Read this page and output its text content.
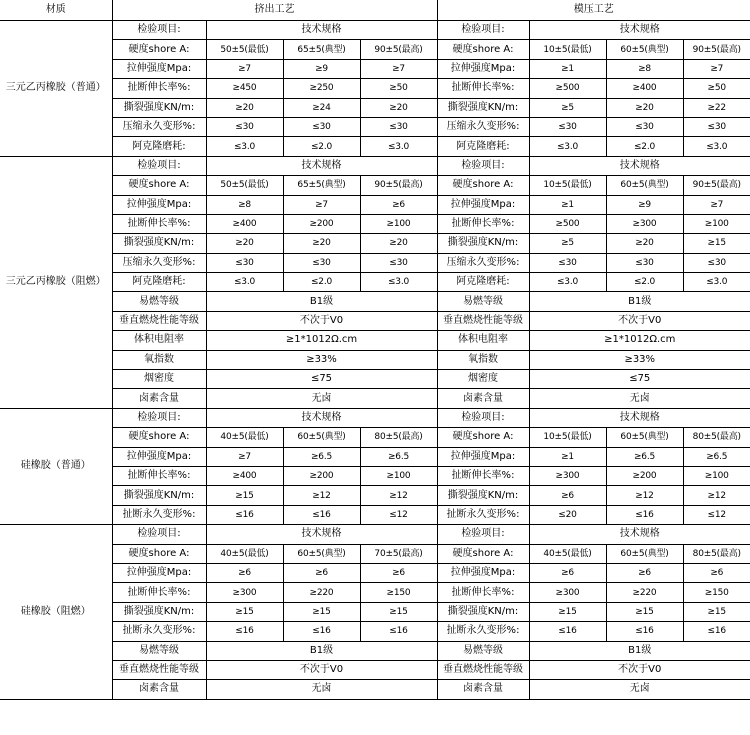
材质	挤出工艺				模压工艺			
三元乙丙橡胶（普通）	检验项目:	技术规格			检验项目:	技术规格		
	硬度shore A:	50±5(最低)	65±5(典型)	90±5(最高)	硬度shore A:	10±5(最低)	60±5(典型)	90±5(最高)
	拉伸强度Mpa:	≥7	≥9	≥7	拉伸强度Mpa:	≥1	≥8	≥7
	扯断伸长率%:	≥450	≥250	≥50	扯断伸长率%:	≥500	≥400	≥50
	撕裂强度KN/m:	≥20	≥24	≥20	撕裂强度KN/m:	≥5	≥20	≥22
	压缩永久变形%:	≤30	≤30	≤30	压缩永久变形%:	≤30	≤30	≤30
	阿克隆磨耗:	≤3.0	≤2.0	≤3.0	阿克隆磨耗:	≤3.0	≤2.0	≤3.0
三元乙丙橡胶（阻燃）	检验项目:	技术规格			检验项目:	技术规格		
	硬度shore A:	50±5(最低)	65±5(典型)	90±5(最高)	硬度shore A:	10±5(最低)	60±5(典型)	90±5(最高)
	拉伸强度Mpa:	≥8	≥7	≥6	拉伸强度Mpa:	≥1	≥9	≥7
	扯断伸长率%:	≥400	≥200	≥100	扯断伸长率%:	≥500	≥300	≥100
	撕裂强度KN/m:	≥20	≥20	≥20	撕裂强度KN/m:	≥5	≥20	≥15
	压缩永久变形%:	≤30	≤30	≤30	压缩永久变形%:	≤30	≤30	≤30
	阿克隆磨耗:	≤3.0	≤2.0	≤3.0	阿克隆磨耗:	≤3.0	≤2.0	≤3.0
	易燃等级	B1级			易燃等级	B1级		
	垂直燃烧性能等级	不次于V0			垂直燃烧性能等级	不次于V0		
	体积电阻率	≥1*1012Ω.cm			体积电阻率	≥1*1012Ω.cm		
	氧指数	≥33%			氧指数	≥33%		
	烟密度	≤75			烟密度	≤75		
	卤素含量	无卤			卤素含量	无卤		
硅橡胶（普通）	检验项目:	技术规格			检验项目:	技术规格		
	硬度shore A:	40±5(最低)	60±5(典型)	80±5(最高)	硬度shore A:	10±5(最低)	60±5(典型)	80±5(最高)
	拉伸强度Mpa:	≥7	≥6.5	≥6.5	拉伸强度Mpa:	≥1	≥6.5	≥6.5
	扯断伸长率%:	≥400	≥200	≥100	扯断伸长率%:	≥300	≥200	≥100
	撕裂强度KN/m:	≥15	≥12	≥12	撕裂强度KN/m:	≥6	≥12	≥12
	扯断永久变形%:	≤16	≤16	≤12	扯断永久变形%:	≤20	≤16	≤12
硅橡胶（阻燃）	检验项目:	技术规格			检验项目:	技术规格		
	硬度shore A:	40±5(最低)	60±5(典型)	70±5(最高)	硬度shore A:	40±5(最低)	60±5(典型)	80±5(最高)
	拉伸强度Mpa:	≥6	≥6	≥6	拉伸强度Mpa:	≥6	≥6	≥6
	扯断伸长率%:	≥300	≥220	≥150	扯断伸长率%:	≥300	≥220	≥150
	撕裂强度KN/m:	≥15	≥15	≥15	撕裂强度KN/m:	≥15	≥15	≥15
	扯断永久变形%:	≤16	≤16	≤16	扯断永久变形%:	≤16	≤16	≤16
	易燃等级	B1级			易燃等级	B1级		
	垂直燃烧性能等级	不次于V0			垂直燃烧性能等级	不次于V0		
	卤素含量	无卤			卤素含量	无卤		
